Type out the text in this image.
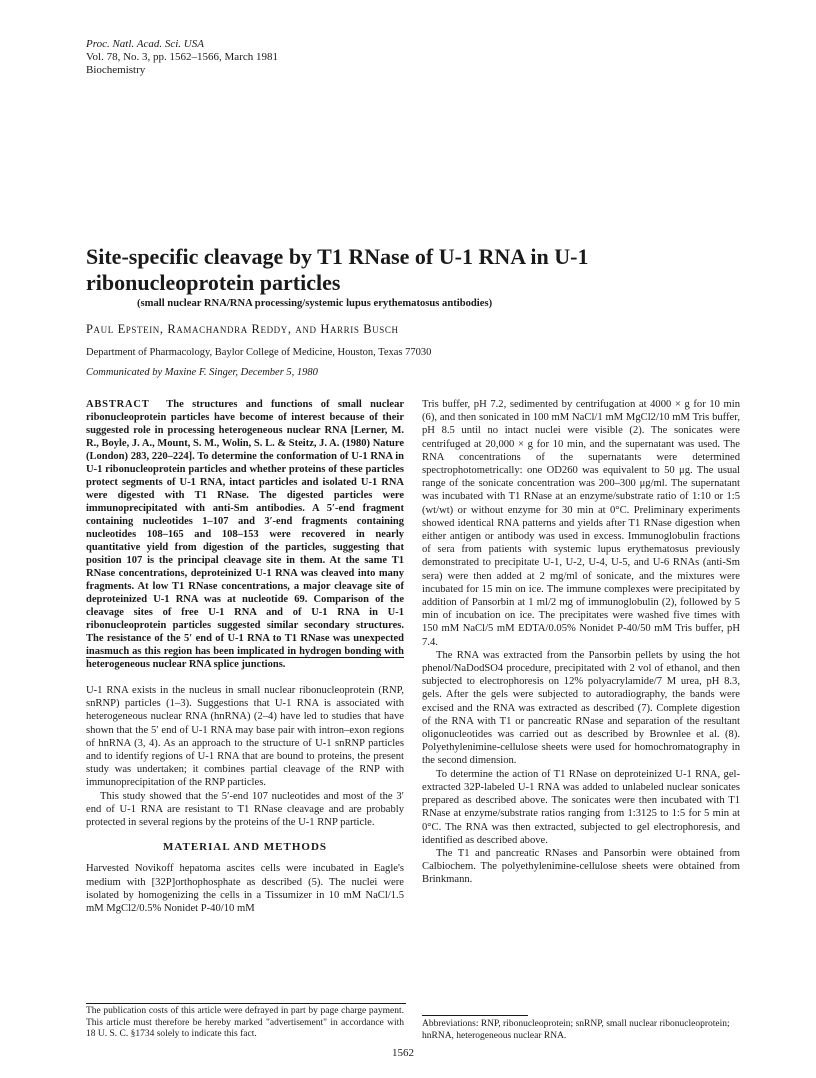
Proc. Natl. Acad. Sci. USA
Vol. 78, No. 3, pp. 1562–1566, March 1981
Biochemistry
Site-specific cleavage by T1 RNase of U-1 RNA in U-1 ribonucleoprotein particles
(small nuclear RNA/RNA processing/systemic lupus erythematosus antibodies)
Paul Epstein, Ramachandra Reddy, and Harris Busch
Department of Pharmacology, Baylor College of Medicine, Houston, Texas 77030
Communicated by Maxine F. Singer, December 5, 1980

ABSTRACT The structures and functions of small nuclear ribonucleoprotein particles have become of interest because of their suggested role in processing heterogeneous nuclear RNA [Lerner, M. R., Boyle, J. A., Mount, S. M., Wolin, S. L. & Steitz, J. A. (1980) Nature (London) 283, 220–224]. To determine the conformation of U-1 RNA in U-1 ribonucleoprotein particles and whether proteins of these particles protect segments of U-1 RNA, intact particles and isolated U-1 RNA were digested with T1 RNase. The digested particles were immunoprecipitated with anti-Sm antibodies. A 5′-end fragment containing nucleotides 1–107 and 3′-end fragments containing nucleotides 108–165 and 108–153 were recovered in nearly quantitative yield from digestion of the particles, suggesting that position 107 is the principal cleavage site in them. At the same T1 RNase concentrations, deproteinized U-1 RNA was cleaved into many fragments. At low T1 RNase concentrations, a major cleavage site of deproteinized U-1 RNA was at nucleotide 69. Comparison of the cleavage sites of free U-1 RNA and of U-1 RNA in U-1 ribonucleoprotein particles suggested similar secondary structures. The resistance of the 5′ end of U-1 RNA to T1 RNase was unexpected inasmuch as this region has been implicated in hydrogen bonding with heterogeneous nuclear RNA splice junctions.

U-1 RNA exists in the nucleus in small nuclear ribonucleoprotein (RNP, snRNP) particles (1–3). Suggestions that U-1 RNA is associated with heterogeneous nuclear RNA (hnRNA) (2–4) have led to studies that have shown that the 5′ end of U-1 RNA may base pair with intron–exon regions of hnRNA (3, 4). As an approach to the structure of U-1 snRNP particles and to identify regions of U-1 RNA that are bound to proteins, the present study was undertaken; it combines partial cleavage of the RNP with immunoprecipitation of the RNP particles.

This study showed that the 5′-end 107 nucleotides and most of the 3′ end of U-1 RNA are resistant to T1 RNase cleavage and are probably protected in several regions by the proteins of the U-1 RNP particle.

MATERIAL AND METHODS

Harvested Novikoff hepatoma ascites cells were incubated in Eagle's medium with [32P]orthophosphate as described (5). The nuclei were isolated by homogenizing the cells in a Tissumizer in 10 mM NaCl/1.5 mM MgCl2/0.5% Nonidet P-40/10 mM

Tris buffer, pH 7.2, sedimented by centrifugation at 4000 × g for 10 min (6), and then sonicated in 100 mM NaCl/1 mM MgCl2/10 mM Tris buffer, pH 8.5 until no intact nuclei were visible (2). The sonicates were centrifuged at 20,000 × g for 10 min, and the supernatant was used. The RNA concentrations of the supernatants were determined spectrophotometrically: one OD260 was equivalent to 50 μg. The usual range of the sonicate concentration was 200–300 μg/ml. The supernatant was incubated with T1 RNase at an enzyme/substrate ratio of 1:10 or 1:5 (wt/wt) or without enzyme for 30 min at 0°C. Preliminary experiments showed identical RNA patterns and yields after T1 RNase digestion when either antigen or antibody was used in excess. Immunoglobulin fractions of sera from patients with systemic lupus erythematosus previously demonstrated to precipitate U-1, U-2, U-4, U-5, and U-6 RNAs (anti-Sm sera) were then added at 2 mg/ml of sonicate, and the mixtures were incubated for 15 min on ice. The immune complexes were precipitated by addition of Pansorbin at 1 ml/2 mg of immunoglobulin (2), followed by 5 min of incubation on ice. The precipitates were washed five times with 150 mM NaCl/5 mM EDTA/0.05% Nonidet P-40/50 mM Tris buffer, pH 7.4.

The RNA was extracted from the Pansorbin pellets by using the hot phenol/NaDodSO4 procedure, precipitated with 2 vol of ethanol, and then subjected to electrophoresis on 12% polyacrylamide/7 M urea, pH 8.3, gels. After the gels were subjected to autoradiography, the bands were excised and the RNA was extracted as described (7). Complete digestion of the RNA with T1 or pancreatic RNase and separation of the resultant oligonucleotides was carried out as described by Brownlee et al. (8). Polyethylenimine-cellulose sheets were used for homochromatography in the second dimension.

To determine the action of T1 RNase on deproteinized U-1 RNA, gel-extracted 32P-labeled U-1 RNA was added to unlabeled nuclear sonicates prepared as described above. The sonicates were then incubated with T1 RNase at enzyme/substrate ratios ranging from 1:3125 to 1:5 for 5 min at 0°C. The RNA was then extracted, subjected to gel electrophoresis, and identified as described above.

The T1 and pancreatic RNases and Pansorbin were obtained from Calbiochem. The polyethylenimine-cellulose sheets were obtained from Brinkmann.

The publication costs of this article were defrayed in part by page charge payment. This article must therefore be hereby marked "advertisement" in accordance with 18 U. S. C. §1734 solely to indicate this fact.
Abbreviations: RNP, ribonucleoprotein; snRNP, small nuclear ribonucleoprotein; hnRNA, heterogeneous nuclear RNA.
1562
